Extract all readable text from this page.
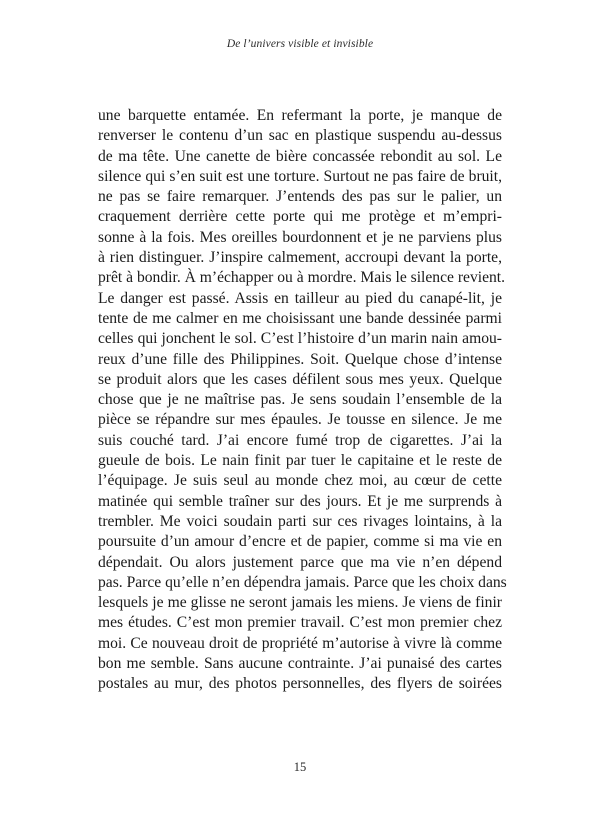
De l’univers visible et invisible
une barquette entamée. En refermant la porte, je manque de
renverser le contenu d’un sac en plastique suspendu au-dessus
de ma tête. Une canette de bière concassée rebondit au sol. Le
silence qui s’en suit est une torture. Surtout ne pas faire de bruit,
ne pas se faire remarquer. J’entends des pas sur le palier, un
craquement derrière cette porte qui me protège et m’empri-
sonne à la fois. Mes oreilles bourdonnent et je ne parviens plus
à rien distinguer. J’inspire calmement, accroupi devant la porte,
prêt à bondir. À m’échapper ou à mordre. Mais le silence revient.
Le danger est passé. Assis en tailleur au pied du canapé-lit, je
tente de me calmer en me choisissant une bande dessinée parmi
celles qui jonchent le sol. C’est l’histoire d’un marin nain amou-
reux d’une fille des Philippines. Soit. Quelque chose d’intense
se produit alors que les cases défilent sous mes yeux. Quelque
chose que je ne maîtrise pas. Je sens soudain l’ensemble de la
pièce se répandre sur mes épaules. Je tousse en silence. Je me
suis couché tard. J’ai encore fumé trop de cigarettes. J’ai la
gueule de bois. Le nain finit par tuer le capitaine et le reste de
l’équipage. Je suis seul au monde chez moi, au cœur de cette
matinée qui semble traîner sur des jours. Et je me surprends à
trembler. Me voici soudain parti sur ces rivages lointains, à la
poursuite d’un amour d’encre et de papier, comme si ma vie en
dépendait. Ou alors justement parce que ma vie n’en dépend
pas. Parce qu’elle n’en dépendra jamais. Parce que les choix dans
lesquels je me glisse ne seront jamais les miens. Je viens de finir
mes études. C’est mon premier travail. C’est mon premier chez
moi. Ce nouveau droit de propriété m’autorise à vivre là comme
bon me semble. Sans aucune contrainte. J’ai punaisé des cartes
postales au mur, des photos personnelles, des flyers de soirées
15
